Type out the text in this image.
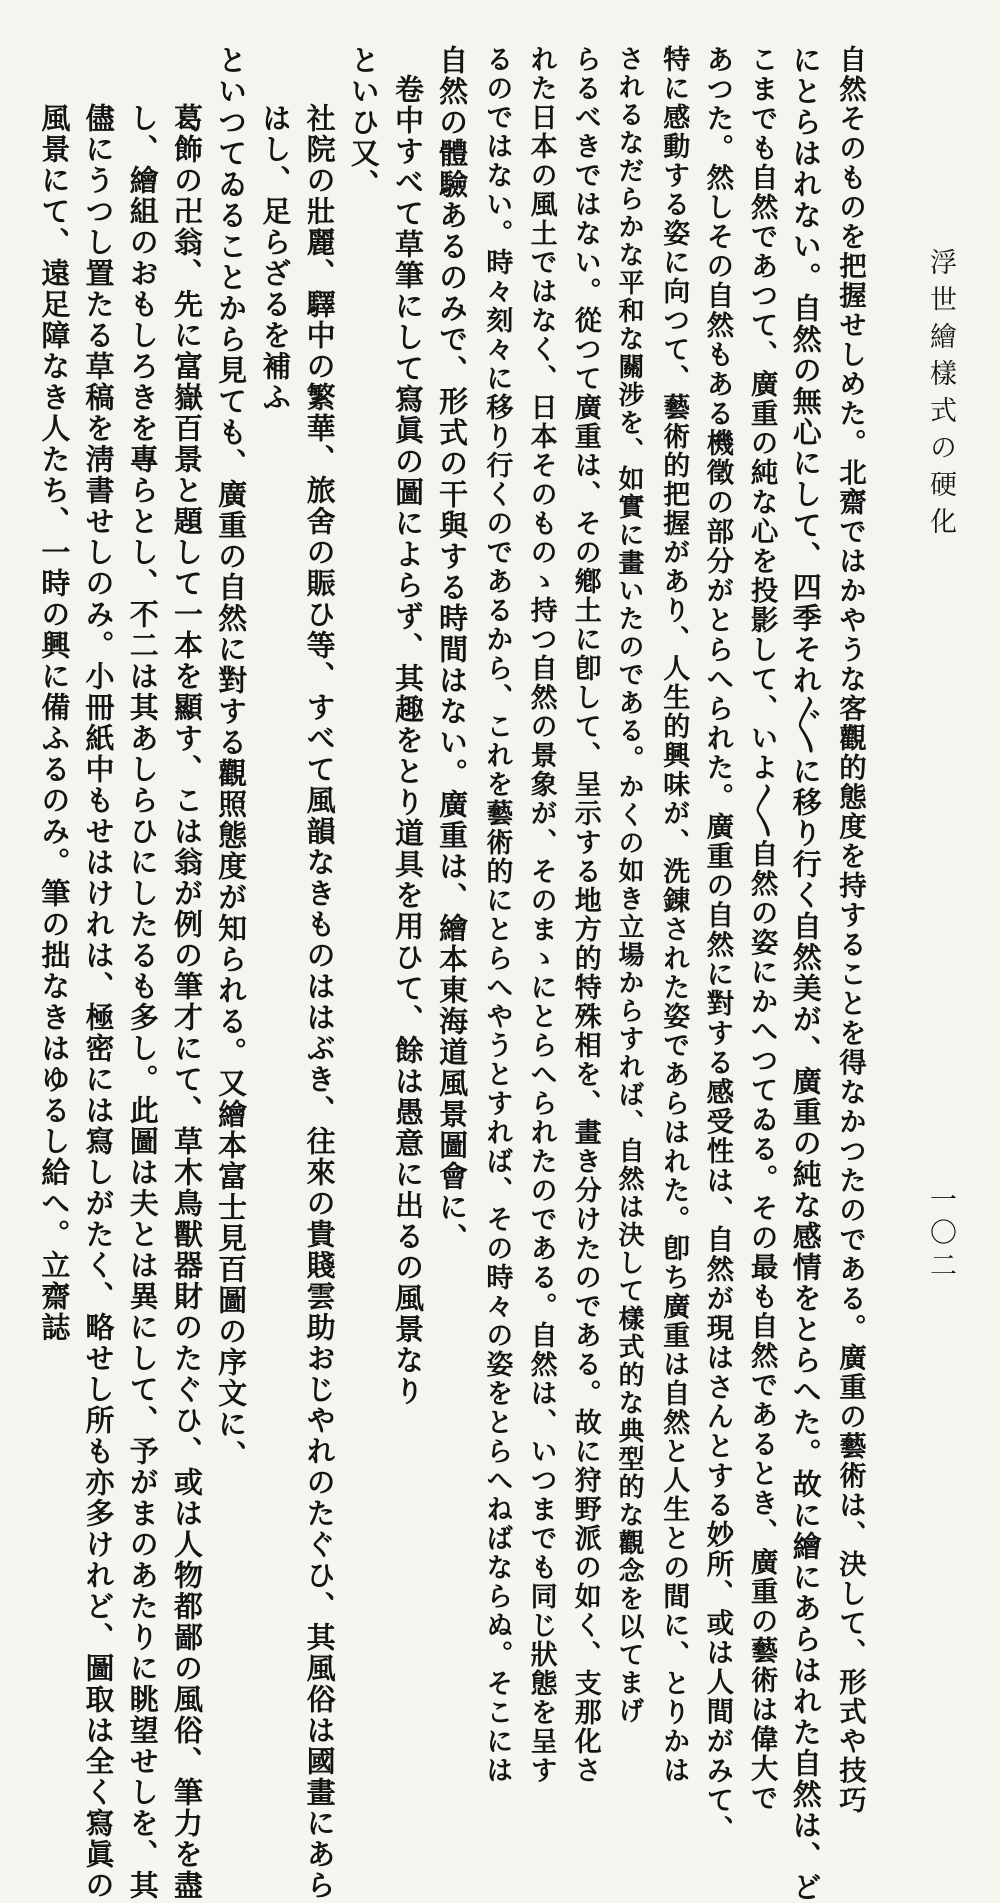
浮世繪樣式の硬化
一〇二
自然そのものを把握せしめた。北齋ではかやうな客觀的態度を持することを得なかつたのである。廣重の藝術は、決して、形式や技巧
にとらはれない。自然の無心にして、四季それ〴〵に移り行く自然美が、廣重の純な感情をとらへた。故に繪にあらはれた自然は、ど
こまでも自然であつて、廣重の純な心を投影して、いよ〳〵自然の姿にかへつてゐる。その最も自然であるとき、廣重の藝術は偉大で
あつた。然しその自然もある機徵の部分がとらへられた。廣重の自然に對する感受性は、自然が現はさんとする妙所、或は人間がみて、
特に感動する姿に向つて、藝術的把握があり、人生的興味が、洗錬された姿であらはれた。卽ち廣重は自然と人生との間に、とりかは
されるなだらかな平和な關涉を、如實に畫いたのである。かくの如き立場からすれば、自然は決して樣式的な典型的な觀念を以てまげ
らるべきではない。從つて廣重は、その鄕土に卽して、呈示する地方的特殊相を、畫き分けたのである。故に狩野派の如く、支那化さ
れた日本の風土ではなく、日本そのものゝ持つ自然の景象が、そのまゝにとらへられたのである。自然は、いつまでも同じ狀態を呈す
るのではない。時々刻々に移り行くのであるから、これを藝術的にとらへやうとすれば、その時々の姿をとらへねばならぬ。そこには
自然の體驗あるのみで、形式の干與する時間はない。廣重は、繪本東海道風景圖會に、
卷中すべて草筆にして寫眞の圖によらず、其趣をとり道具を用ひて、餘は愚意に出るの風景なり
といひ又、
社院の壯麗、驛中の繁華、旅舍の賑ひ等、すべて風韻なきものははぶき、往來の貴賤雲助おじやれのたぐひ、其風俗は國畫にあら
はし、足らざるを補ふ
といつてゐることから見ても、廣重の自然に對する觀照態度が知られる。又繪本富士見百圖の序文に、
葛飾の卍翁、先に富嶽百景と題して一本を顯す、こは翁が例の筆才にて、草木鳥獸器財のたぐひ、或は人物都鄙の風俗、筆力を盡
し、繪組のおもしろきを專らとし、不二は其あしらひにしたるも多し。此圖は夫とは異にして、予がまのあたりに眺望せしを、其
儘にうつし置たる草稿を淸書せしのみ。小冊紙中もせはけれは、極密には寫しがたく、略せし所も亦多けれど、圖取は全く寫眞の
風景にて、遠足障なき人たち、一時の興に備ふるのみ。筆の拙なきはゆるし給へ。立齋誌
